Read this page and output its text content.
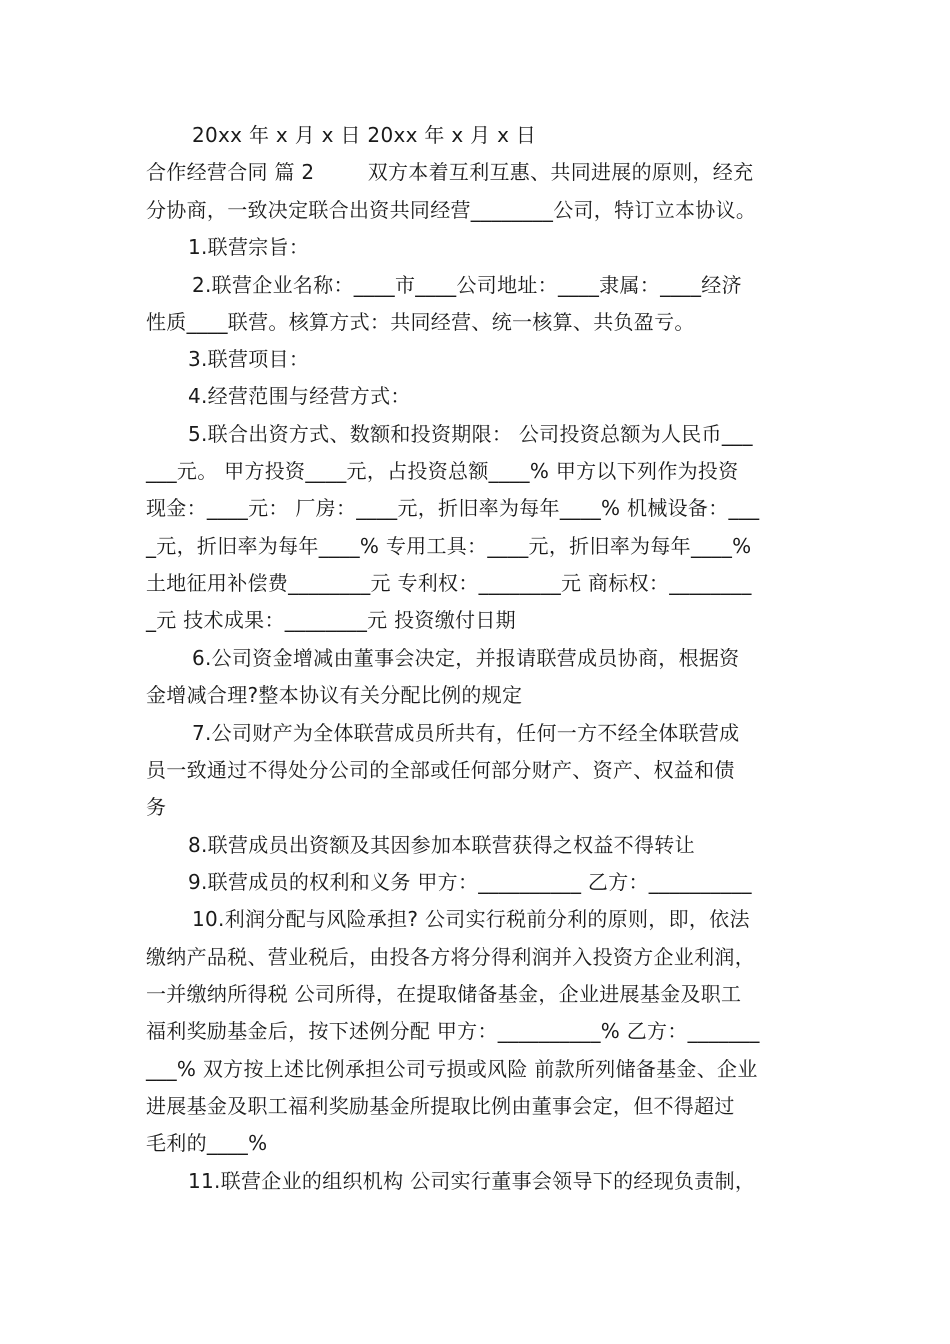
20xx 年 x 月 x 日 20xx 年 x 月 x 日
合作经营合同 篇 2        双方本着互利互惠、共同进展的原则，经充
分协商，一致决定联合出资共同经营________公司，特订立本协议。
1.联营宗旨：
2.联营企业名称：____市____公司地址：____隶属：____经济
性质____联营。核算方式：共同经营、统一核算、共负盈亏。
3.联营项目：
4.经营范围与经营方式：
5.联合出资方式、数额和投资期限： 公司投资总额为人民币___
___元。 甲方投资____元，占投资总额____% 甲方以下列作为投资
现金：____元： 厂房：____元，折旧率为每年____% 机械设备：___
_元，折旧率为每年____% 专用工具：____元，折旧率为每年____%
土地征用补偿费________元 专利权：________元 商标权：________
_元 技术成果：________元 投资缴付日期
6.公司资金增减由董事会决定，并报请联营成员协商，根据资
金增减合理?整本协议有关分配比例的规定
7.公司财产为全体联营成员所共有，任何一方不经全体联营成
员一致通过不得处分公司的全部或任何部分财产、资产、权益和债
务
8.联营成员出资额及其因参加本联营获得之权益不得转让
9.联营成员的权利和义务 甲方：__________ 乙方：__________
10.利润分配与风险承担? 公司实行税前分利的原则，即，依法
缴纳产品税、营业税后，由投各方将分得利润并入投资方企业利润，
一并缴纳所得税 公司所得，在提取储备基金，企业进展基金及职工
福利奖励基金后，按下述例分配 甲方：__________% 乙方：_______
___% 双方按上述比例承担公司亏损或风险 前款所列储备基金、企业
进展基金及职工福利奖励基金所提取比例由董事会定，但不得超过
毛利的____%
11.联营企业的组织机构 公司实行董事会领导下的经现负责制，
